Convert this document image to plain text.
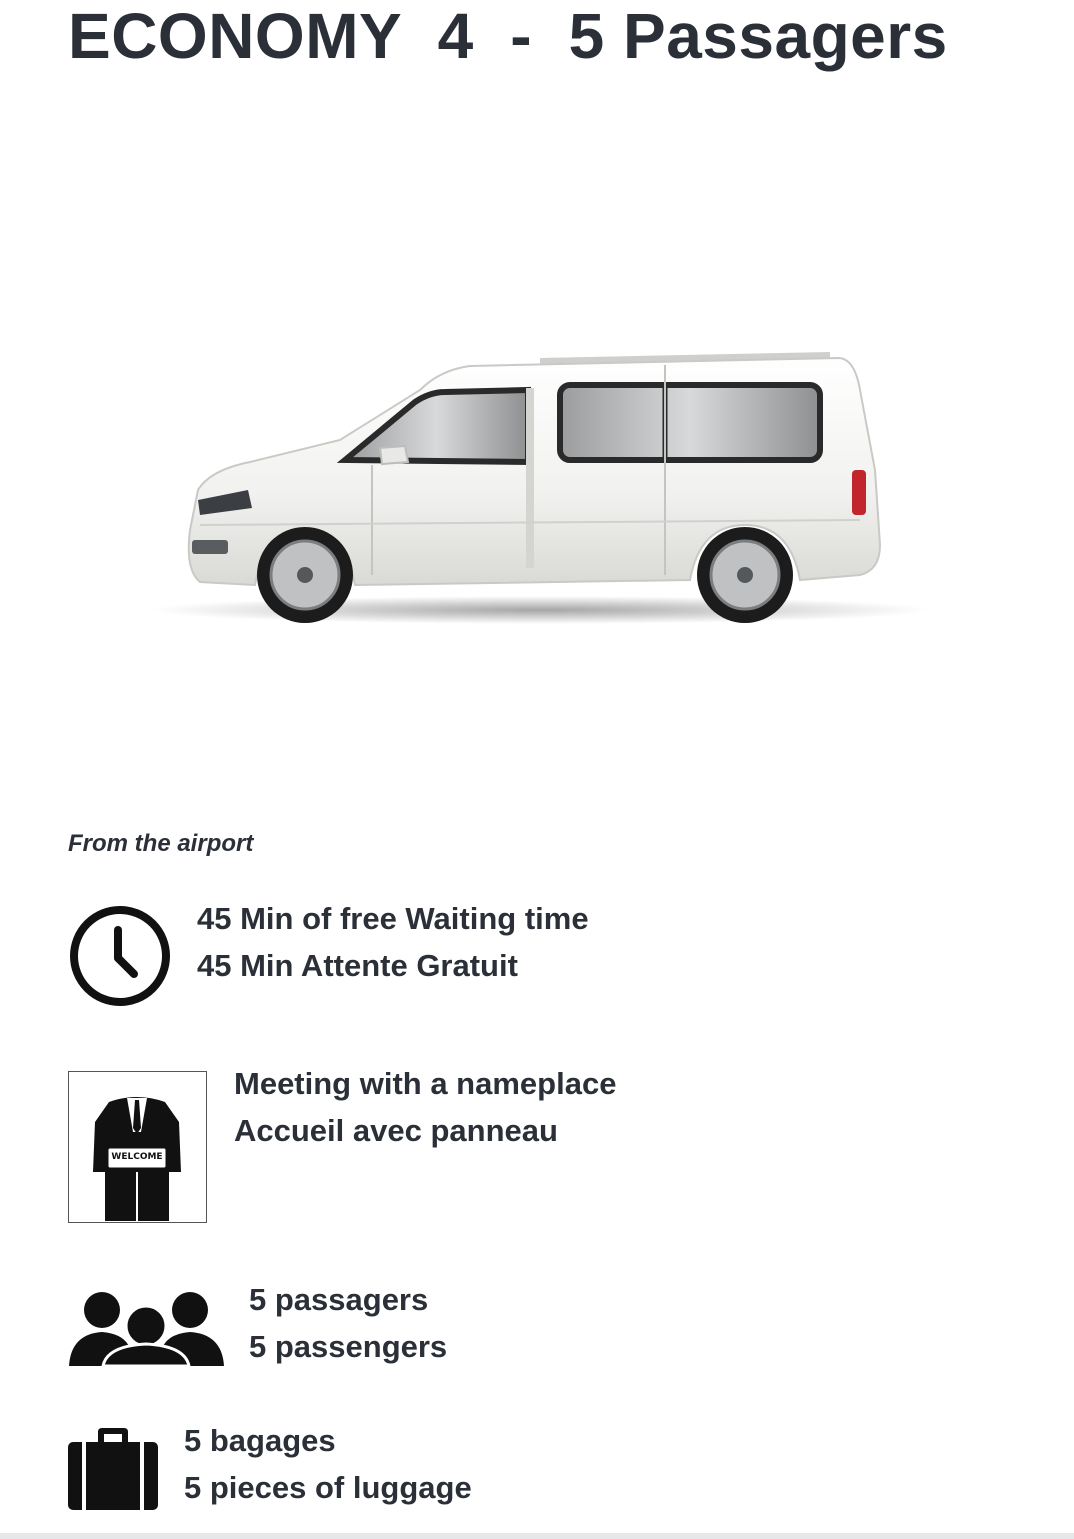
ECONOMY  4  -  5 Passagers
From the airport
45 Min of free Waiting time
45 Min Attente Gratuit
WELCOME
Meeting with a nameplace
Accueil avec panneau
5 passagers
5 passengers
5 bagages
5 pieces of luggage
